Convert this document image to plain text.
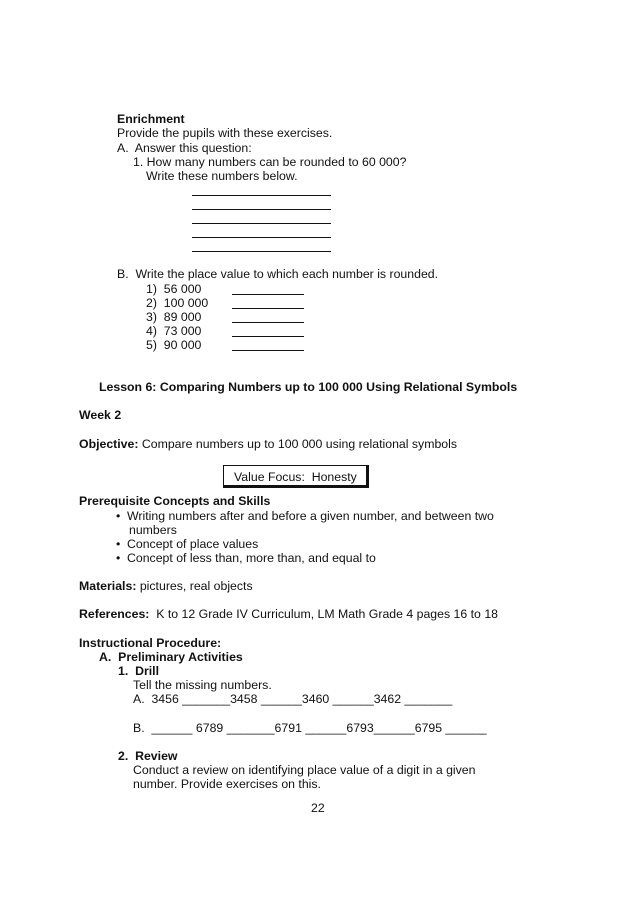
Enrichment
Provide the pupils with these exercises.
A.  Answer this question:
1. How many numbers can be rounded to 60 000?
Write these numbers below.
B.  Write the place value to which each number is rounded.
1)  56 000
2)  100 000
3)  89 000
4)  73 000
5)  90 000
Lesson 6: Comparing Numbers up to 100 000 Using Relational Symbols
Week 2
Objective: Compare numbers up to 100 000 using relational symbols
Value Focus:  Honesty
Prerequisite Concepts and Skills
• Writing numbers after and before a given number, and between two
numbers
• Concept of place values
• Concept of less than, more than, and equal to
Materials: pictures, real objects
References:  K to 12 Grade IV Curriculum, LM Math Grade 4 pages 16 to 18
Instructional Procedure:
A.  Preliminary Activities
1.  Drill
Tell the missing numbers.
A.  3456 _______3458 ______3460 ______3462 _______
B.  ______ 6789 _______6791 ______6793______6795 ______
2.  Review
Conduct a review on identifying place value of a digit in a given
number. Provide exercises on this.
22
